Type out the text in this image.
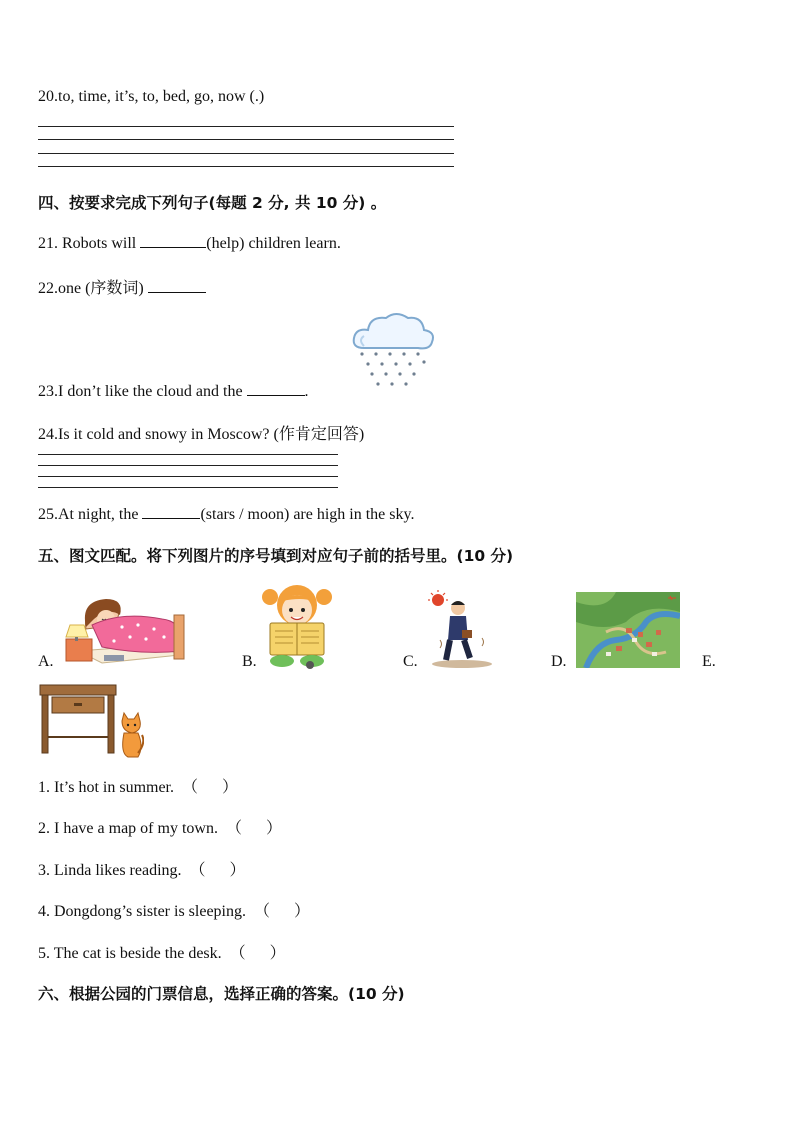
20.to, time, it’s, to, bed, go, now (.)
四、按要求完成下列句子(每题 2 分, 共 10 分) 。
21. Robots will	(help) children learn.
22.one (序数词)
23.I don’t like the cloud and the	.
24.Is it cold and snowy in Moscow? (作肯定回答)
25.At night, the	(stars / moon) are high in the sky.
五、图文匹配。将下列图片的序号填到对应句子前的括号里。(10 分)
A.	B.	C.	D.	E.
1. It’s hot in summer. （ ）
2. I have a map of my town. （ ）
3. Linda likes reading. （ ）
4. Dongdong’s sister is sleeping. （ ）
5. The cat is beside the desk. （ ）
六、根据公园的门票信息，选择正确的答案。(10 分)
